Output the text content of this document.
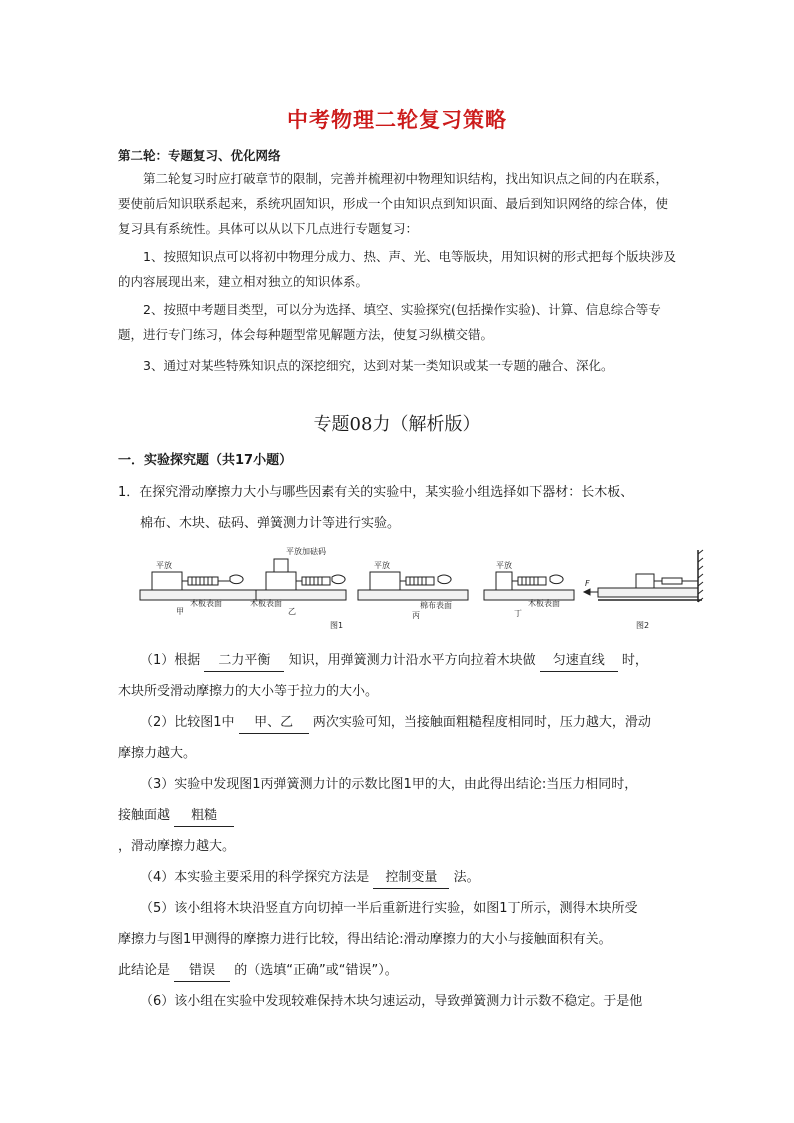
中考物理二轮复习策略
第二轮：专题复习、优化网络
第二轮复习时应打破章节的限制，完善并梳理初中物理知识结构，找出知识点之间的内在联系，要使前后知识联系起来，系统巩固知识，形成一个由知识点到知识面、最后到知识网络的综合体，使复习具有系统性。具体可以从以下几点进行专题复习：
1、按照知识点可以将初中物理分成力、热、声、光、电等版块，用知识树的形式把每个版块涉及的内容展现出来，建立相对独立的知识体系。
2、按照中考题目类型，可以分为选择、填空、实验探究(包括操作实验)、计算、信息综合等专题，进行专门练习，体会每种题型常见解题方法，使复习纵横交错。
3、通过对某些特殊知识点的深挖细究，达到对某一类知识或某一专题的融合、深化。
专题08力（解析版）
一．实验探究题（共17小题）
1．在探究滑动摩擦力大小与哪些因素有关的实验中，某实验小组选择如下器材：长木板、
棉布、木块、砝码、弹簧测力计等进行实验。
平放
平放加砝码
平放	平放
木板表面	木板表面	棉布表面	木板表面
F
甲	乙	丙	丁
图1	图2
（1）根据 二力平衡 知识，用弹簧测力计沿水平方向拉着木块做 匀速直线 时，
木块所受滑动摩擦力的大小等于拉力的大小。
（2）比较图1中 甲、乙 两次实验可知，当接触面粗糙程度相同时，压力越大，滑动
摩擦力越大。
（3）实验中发现图1丙弹簧测力计的示数比图1甲的大，由此得出结论:当压力相同时，
接触面越 粗糙
，滑动摩擦力越大。
（4）本实验主要采用的科学探究方法是 控制变量 法。
（5）该小组将木块沿竖直方向切掉一半后重新进行实验，如图1丁所示，测得木块所受
摩擦力与图1甲测得的摩擦力进行比较，得出结论:滑动摩擦力的大小与接触面积有关。
此结论是 错误 的（选填“正确”或“错误”）。
（6）该小组在实验中发现较难保持木块匀速运动，导致弹簧测力计示数不稳定。于是他
